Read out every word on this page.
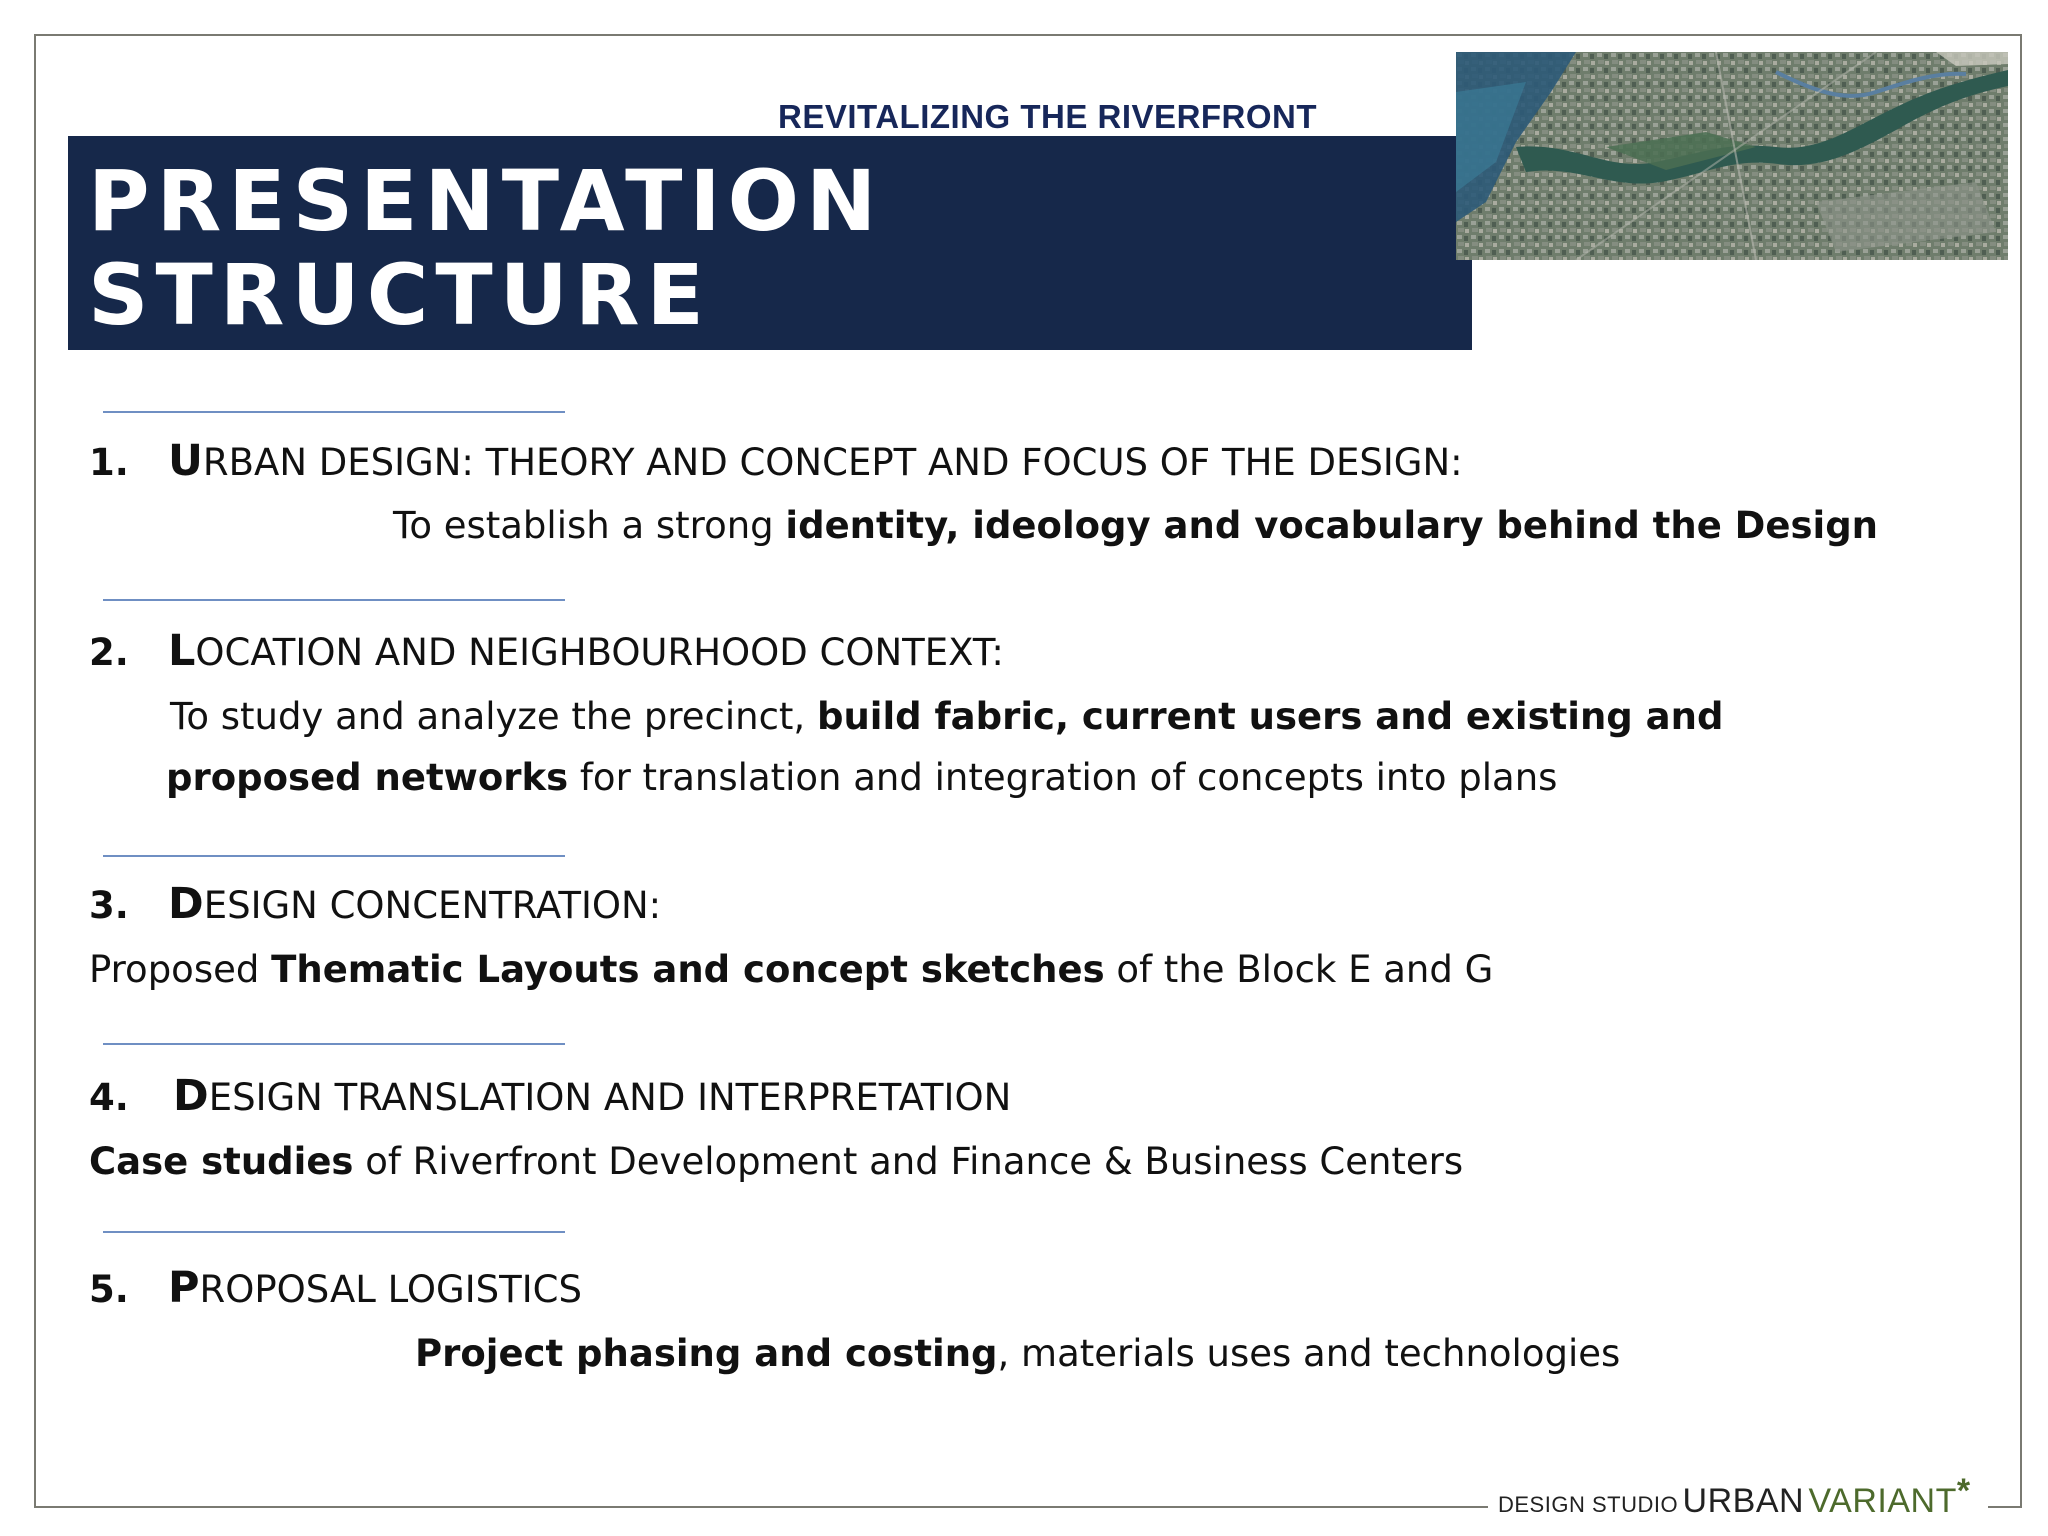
REVITALIZING THE RIVERFRONT
PRESENTATION
STRUCTURE
1. URBAN DESIGN: THEORY AND CONCEPT AND FOCUS OF THE DESIGN:
To establish a strong identity, ideology and vocabulary behind the Design
2. LOCATION AND NEIGHBOURHOOD CONTEXT:
To study and analyze the precinct, build fabric, current users and existing and
proposed networks for translation and integration of concepts into plans
3. DESIGN CONCENTRATION:
Proposed Thematic Layouts and concept sketches of the Block E and G
4. DESIGN TRANSLATION AND INTERPRETATION
Case studies of Riverfront Development and Finance & Business Centers
5. PROPOSAL LOGISTICS
Project phasing and costing, materials uses and technologies
DESIGN STUDIO URBAN VARIANT*
